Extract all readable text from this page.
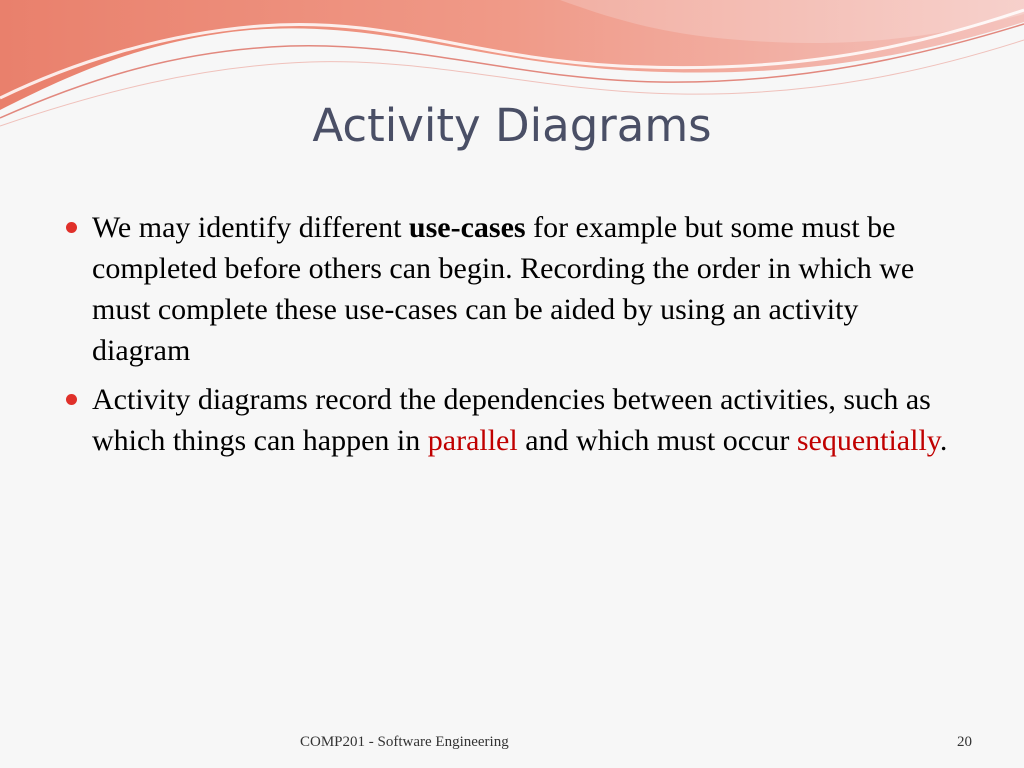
Activity Diagrams
We may identify different use-cases for example but some must be completed before others can begin. Recording the order in which we must complete these use-cases can be aided by using an activity diagram
Activity diagrams record the dependencies between activities, such as which things can happen in parallel and which must occur sequentially.
COMP201 - Software Engineering	20
